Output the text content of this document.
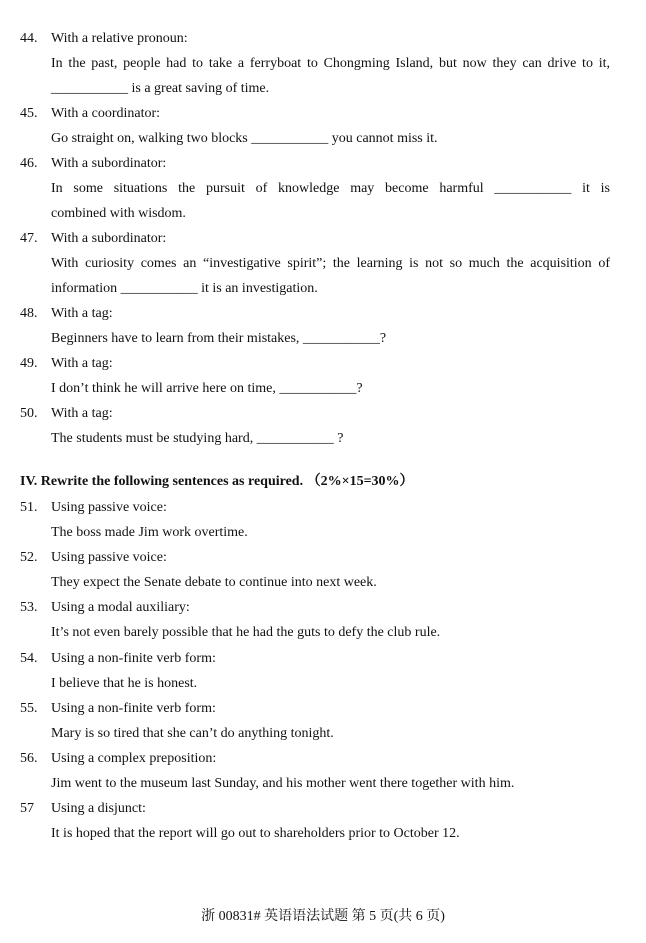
44. With a relative pronoun:
In the past, people had to take a ferryboat to Chongming Island, but now they can drive to it,
___________ is a great saving of time.
45. With a coordinator:
Go straight on, walking two blocks ___________ you cannot miss it.
46. With a subordinator:
In some situations the pursuit of knowledge may become harmful ___________ it is
combined with wisdom.
47. With a subordinator:
With curiosity comes an “investigative spirit”; the learning is not so much the acquisition of
information ___________ it is an investigation.
48. With a tag:
Beginners have to learn from their mistakes, ___________?
49. With a tag:
I don’t think he will arrive here on time, ___________?
50. With a tag:
The students must be studying hard, ___________ ?
IV. Rewrite the following sentences as required. （2%×15=30%）
51. Using passive voice:
The boss made Jim work overtime.
52. Using passive voice:
They expect the Senate debate to continue into next week.
53. Using a modal auxiliary:
It’s not even barely possible that he had the guts to defy the club rule.
54. Using a non-finite verb form:
I believe that he is honest.
55. Using a non-finite verb form:
Mary is so tired that she can’t do anything tonight.
56. Using a complex preposition:
Jim went to the museum last Sunday, and his mother went there together with him.
57 Using a disjunct:
It is hoped that the report will go out to shareholders prior to October 12.
浙 00831# 英语语法试题 第 5 页(共 6 页)
